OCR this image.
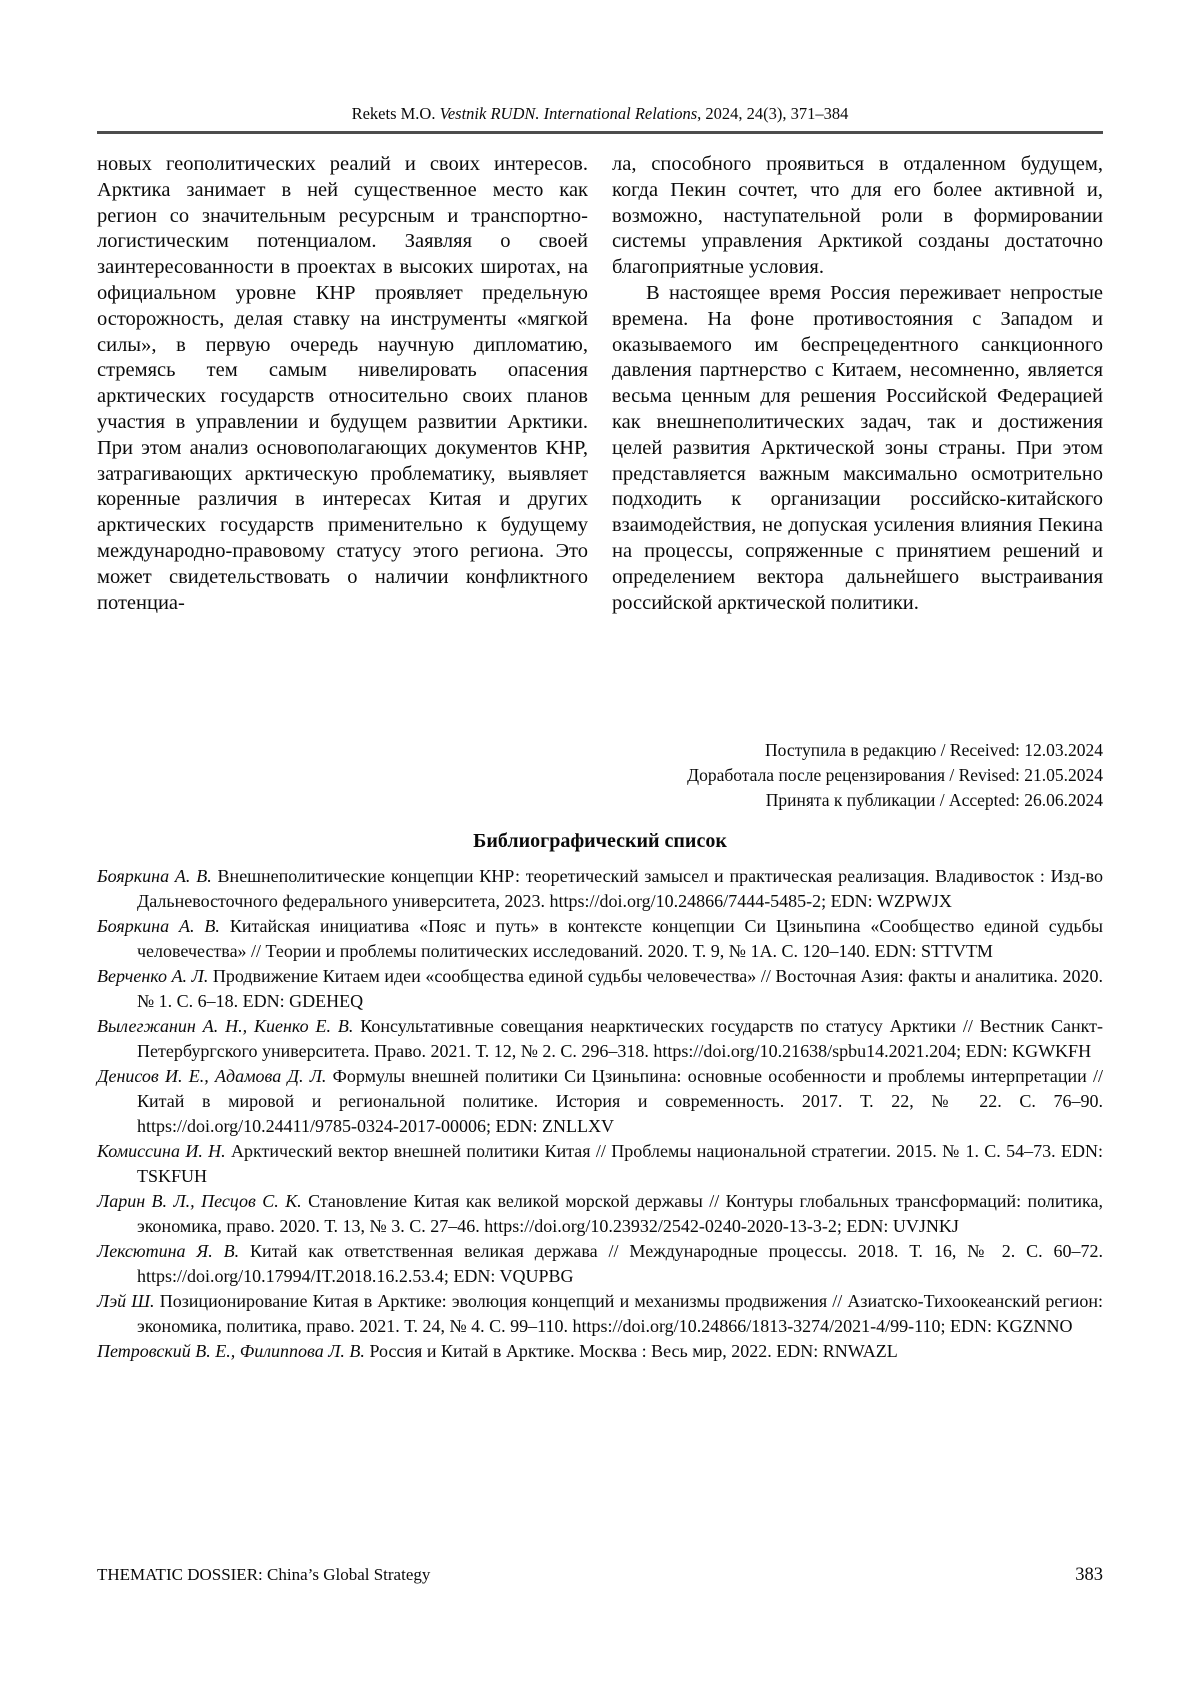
Rekets M.O. Vestnik RUDN. International Relations, 2024, 24(3), 371–384

новых геополитических реалий и своих интересов. Арктика занимает в ней существенное место как регион со значительным ресурсным и транспортно-логистическим потенциалом. Заявляя о своей заинтересованности в проектах в высоких широтах, на официальном уровне КНР проявляет предельную осторожность, делая ставку на инструменты «мягкой силы», в первую очередь научную дипломатию, стремясь тем самым нивелировать опасения арктических государств относительно своих планов участия в управлении и будущем развитии Арктики. При этом анализ основополагающих документов КНР, затрагивающих арктическую проблематику, выявляет коренные различия в интересах Китая и других арктических государств применительно к будущему международно-правовому статусу этого региона. Это может свидетельствовать о наличии конфликтного потенциа-

ла, способного проявиться в отдаленном будущем, когда Пекин сочтет, что для его более активной и, возможно, наступательной роли в формировании системы управления Арктикой созданы достаточно благоприятные условия.

В настоящее время Россия переживает непростые времена. На фоне противостояния с Западом и оказываемого им беспрецедентного санкционного давления партнерство с Китаем, несомненно, является весьма ценным для решения Российской Федерацией как внешнеполитических задач, так и достижения целей развития Арктической зоны страны. При этом представляется важным максимально осмотрительно подходить к организации российско-китайского взаимодействия, не допуская усиления влияния Пекина на процессы, сопряженные с принятием решений и определением вектора дальнейшего выстраивания российской арктической политики.

Поступила в редакцию / Received: 12.03.2024
Доработала после рецензирования / Revised: 21.05.2024
Принята к публикации / Accepted: 26.06.2024
Библиографический список

Бояркина А. В. Внешнеполитические концепции КНР: теоретический замысел и практическая реализация. Владивосток : Изд-во Дальневосточного федерального университета, 2023. https://doi.org/10.24866/7444-5485-2; EDN: WZPWJX

Бояркина А. В. Китайская инициатива «Пояс и путь» в контексте концепции Си Цзиньпина «Сообщество единой судьбы человечества» // Теории и проблемы политических исследований. 2020. Т. 9, № 1А. С. 120–140. EDN: STTVTM

Верченко А. Л. Продвижение Китаем идеи «сообщества единой судьбы человечества» // Восточная Азия: факты и аналитика. 2020. № 1. С. 6–18. EDN: GDEHEQ

Вылегжанин А. Н., Киенко Е. В. Консультативные совещания неарктических государств по статусу Арктики // Вестник Санкт-Петербургского университета. Право. 2021. Т. 12, № 2. С. 296–318. https://doi.org/10.21638/spbu14.2021.204; EDN: KGWKFH

Денисов И. Е., Адамова Д. Л. Формулы внешней политики Си Цзиньпина: основные особенности и проблемы интерпретации // Китай в мировой и региональной политике. История и современность. 2017. Т. 22, № 22. С. 76–90. https://doi.org/10.24411/9785-0324-2017-00006; EDN: ZNLLXV

Комиссина И. Н. Арктический вектор внешней политики Китая // Проблемы национальной стратегии. 2015. № 1. С. 54–73. EDN: TSKFUH

Ларин В. Л., Песцов С. К. Становление Китая как великой морской державы // Контуры глобальных трансформаций: политика, экономика, право. 2020. Т. 13, № 3. С. 27–46. https://doi.org/10.23932/2542-0240-2020-13-3-2; EDN: UVJNKJ

Лексютина Я. В. Китай как ответственная великая держава // Международные процессы. 2018. Т. 16, № 2. С. 60–72. https://doi.org/10.17994/IT.2018.16.2.53.4; EDN: VQUPBG

Лэй Ш. Позиционирование Китая в Арктике: эволюция концепций и механизмы продвижения // Азиатско-Тихоокеанский регион: экономика, политика, право. 2021. Т. 24, № 4. С. 99–110. https://doi.org/10.24866/1813-3274/2021-4/99-110; EDN: KGZNNO

Петровский В. Е., Филиппова Л. В. Россия и Китай в Арктике. Москва : Весь мир, 2022. EDN: RNWAZL

THEMATIC DOSSIER: China’s Global Strategy	383
